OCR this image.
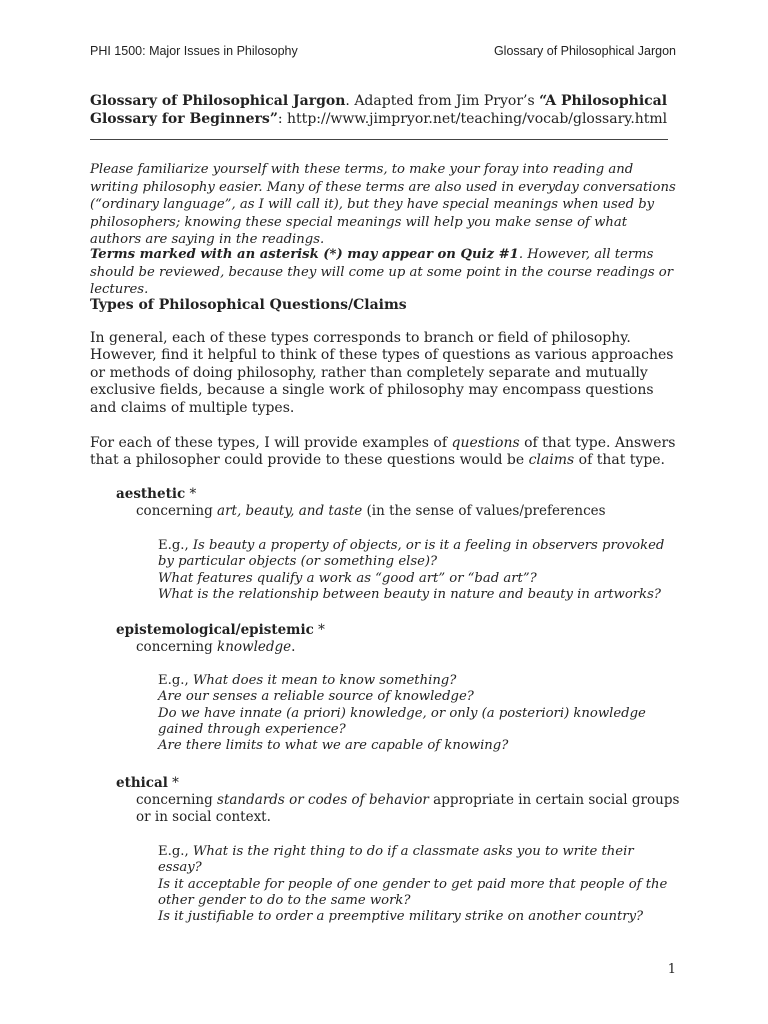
PHI 1500: Major Issues in Philosophy	Glossary of Philosophical Jargon
Glossary of Philosophical Jargon. Adapted from Jim Pryor’s “A Philosophical Glossary for Beginners”: http://www.jimpryor.net/teaching/vocab/glossary.html
Please familiarize yourself with these terms, to make your foray into reading and writing philosophy easier. Many of these terms are also used in everyday conversations (“ordinary language”, as I will call it), but they have special meanings when used by philosophers; knowing these special meanings will help you make sense of what authors are saying in the readings.
Terms marked with an asterisk (*) may appear on Quiz #1. However, all terms should be reviewed, because they will come up at some point in the course readings or lectures.
Types of Philosophical Questions/Claims
In general, each of these types corresponds to branch or field of philosophy. However, find it helpful to think of these types of questions as various approaches or methods of doing philosophy, rather than completely separate and mutually exclusive fields, because a single work of philosophy may encompass questions and claims of multiple types.
For each of these types, I will provide examples of questions of that type. Answers that a philosopher could provide to these questions would be claims of that type.
aesthetic *
concerning art, beauty, and taste (in the sense of values/preferences
E.g., Is beauty a property of objects, or is it a feeling in observers provoked by particular objects (or something else)?
What features qualify a work as “good art” or “bad art”?
What is the relationship between beauty in nature and beauty in artworks?
epistemological/epistemic *
concerning knowledge.
E.g., What does it mean to know something?
Are our senses a reliable source of knowledge?
Do we have innate (a priori) knowledge, or only (a posteriori) knowledge gained through experience?
Are there limits to what we are capable of knowing?
ethical *
concerning standards or codes of behavior appropriate in certain social groups or in social context.
E.g., What is the right thing to do if a classmate asks you to write their essay?
Is it acceptable for people of one gender to get paid more that people of the other gender to do to the same work?
Is it justifiable to order a preemptive military strike on another country?
1
